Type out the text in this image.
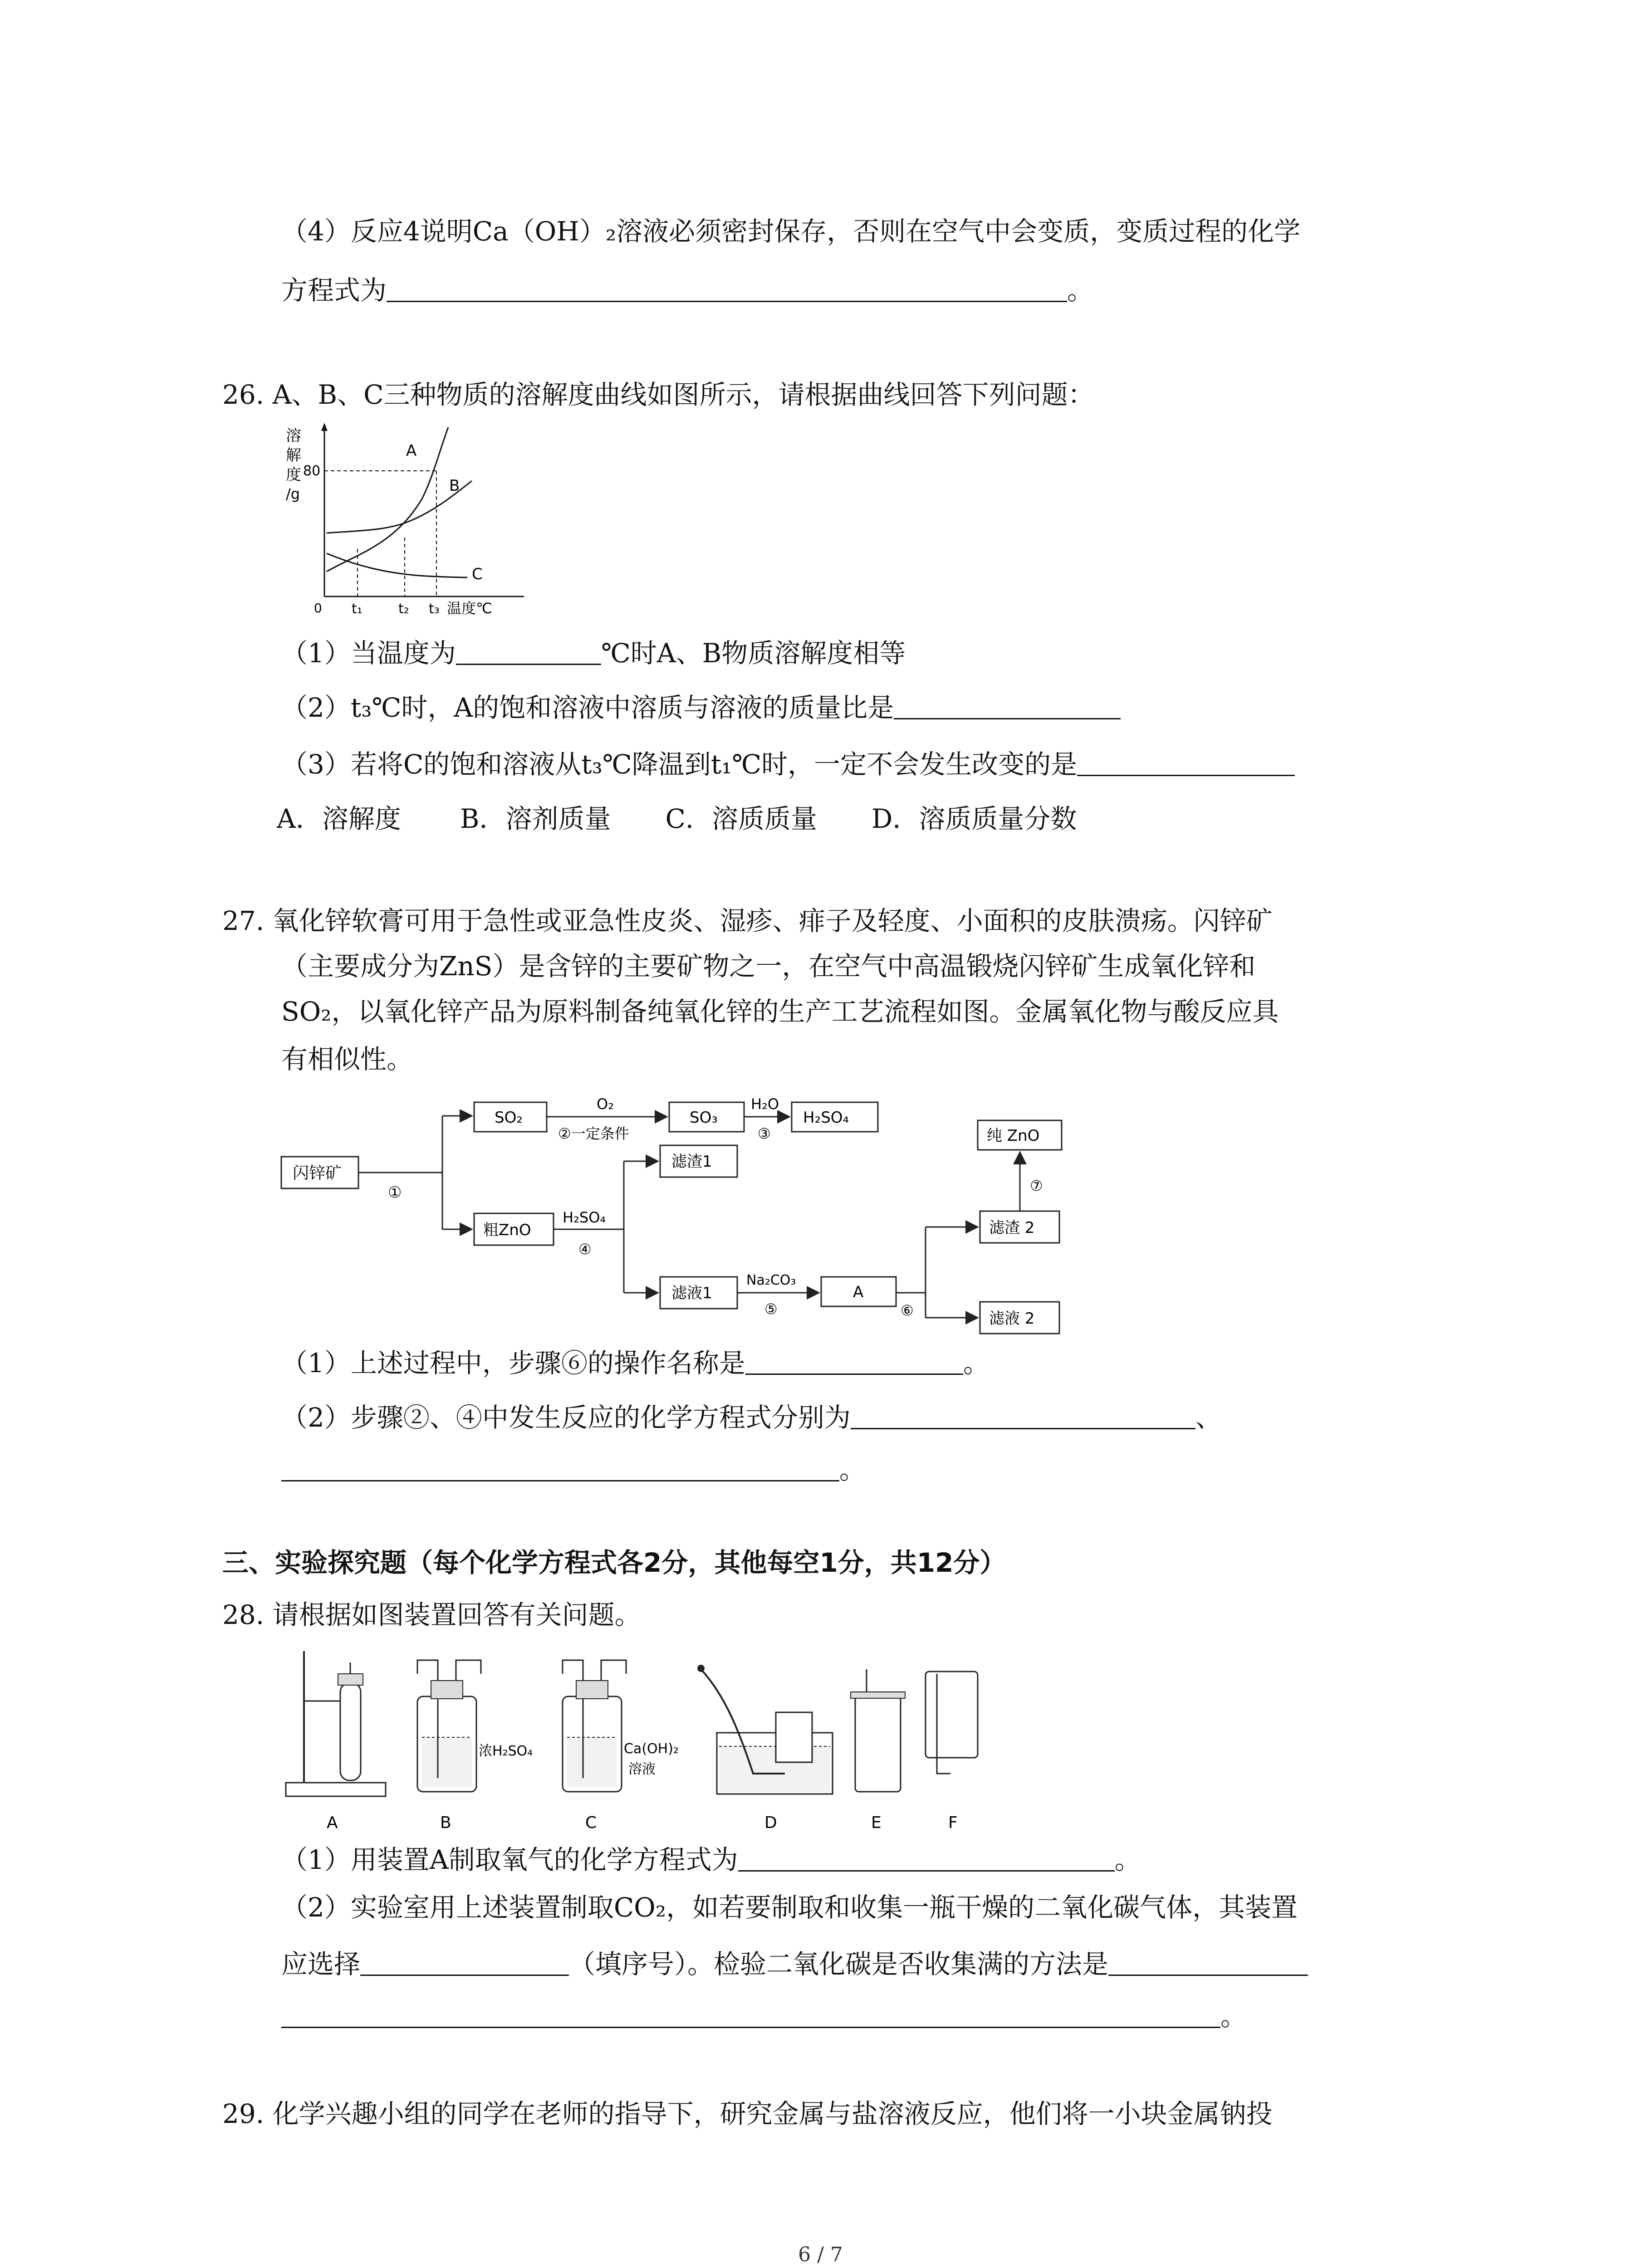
（4）反应4说明Ca（OH）₂溶液必须密封保存，否则在空气中会变质，变质过程的化学
方程式为	。
26. A、B、C三种物质的溶解度曲线如图所示，请根据曲线回答下列问题：
溶
解
度
/g
80
0 t₁	t₂ t₃ 温度℃
A
B
C
（1）当温度为	℃时A、B物质溶解度相等
（2）t₃℃时，A的饱和溶液中溶质与溶液的质量比是
（3）若将C的饱和溶液从t₃℃降温到t₁℃时，一定不会发生改变的是
A．溶解度 B．溶剂质量 C．溶质质量 D．溶质质量分数
27. 氧化锌软膏可用于急性或亚急性皮炎、湿疹、痱子及轻度、小面积的皮肤溃疡。闪锌矿
（主要成分为ZnS）是含锌的主要矿物之一，在空气中高温锻烧闪锌矿生成氧化锌和
SO₂，以氧化锌产品为原料制备纯氧化锌的生产工艺流程如图。金属氧化物与酸反应具
有相似性。
闪锌矿
①
SO₂
O₂
②一定条件
SO₃
H₂O
③
H₂SO₄
粗ZnO
H₂SO₄
④
滤渣1
滤液1
Na₂CO₃
⑤
A
⑥
滤渣 2
滤液 2
⑦
纯 ZnO
（1）上述过程中，步骤⑥的操作名称是	。
（2）步骤②、④中发生反应的化学方程式分别为	、
。
三、实验探究题（每个化学方程式各2分，其他每空1分，共12分）
28. 请根据如图装置回答有关问题。
A
浓H₂SO₄
B
Ca(OH)₂
溶液
C	D	E	F
（1）用装置A制取氧气的化学方程式为	。
（2）实验室用上述装置制取CO₂，如若要制取和收集一瓶干燥的二氧化碳气体，其装置
应选择	（填序号）。检验二氧化碳是否收集满的方法是
。
29. 化学兴趣小组的同学在老师的指导下，研究金属与盐溶液反应，他们将一小块金属钠投
6 / 7
